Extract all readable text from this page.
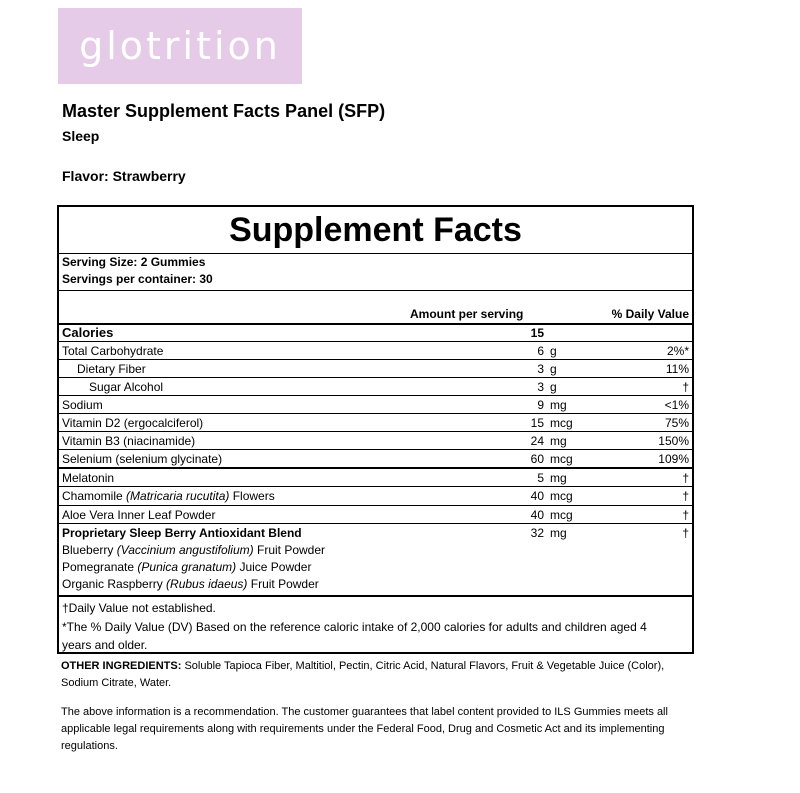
glotrition
Master Supplement Facts Panel (SFP)
Sleep
Flavor: Strawberry
Supplement Facts
Serving Size: 2 Gummies
Servings per container: 30
Amount per serving	% Daily Value
Calories	15
Total Carbohydrate	6 g	2%*
Dietary Fiber	3 g	11%
Sugar Alcohol	3 g	†
Sodium	9 mg	<1%
Vitamin D2 (ergocalciferol)	15 mcg	75%
Vitamin B3 (niacinamide)	24 mg	150%
Selenium (selenium glycinate)	60 mcg	109%
Melatonin	5 mg	†
Chamomile (Matricaria rucutita) Flowers	40 mcg	†
Aloe Vera Inner Leaf Powder	40 mcg	†
Proprietary Sleep Berry Antioxidant Blend	32 mg	†
Blueberry (Vaccinium angustifolium) Fruit Powder
Pomegranate (Punica granatum) Juice Powder
Organic Raspberry (Rubus idaeus) Fruit Powder
†Daily Value not established.
*The % Daily Value (DV) Based on the reference caloric intake of 2,000 calories for adults and children aged 4
years and older.
OTHER INGREDIENTS: Soluble Tapioca Fiber, Maltitiol, Pectin, Citric Acid, Natural Flavors, Fruit & Vegetable Juice (Color), Sodium Citrate, Water.
The above information is a recommendation. The customer guarantees that label content provided to ILS Gummies meets all applicable legal requirements along with requirements under the Federal Food, Drug and Cosmetic Act and its implementing regulations.
